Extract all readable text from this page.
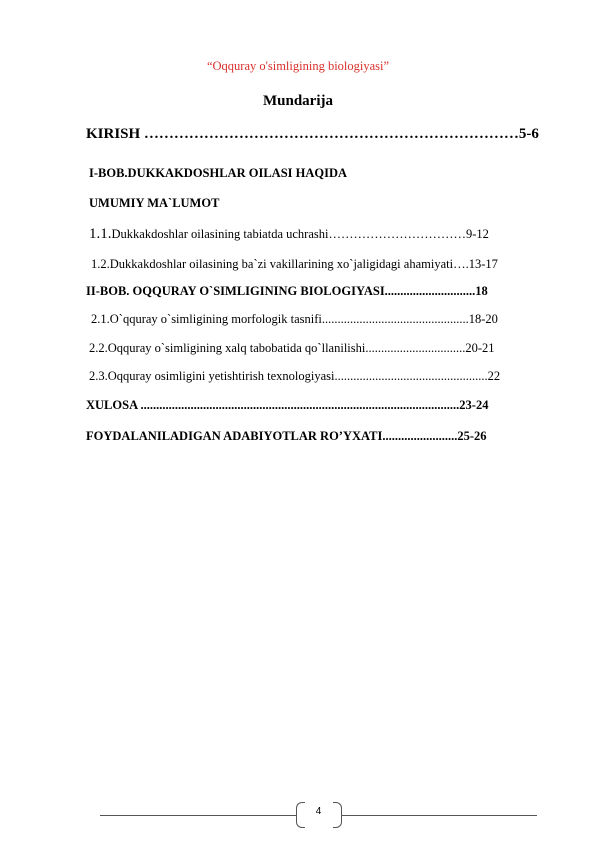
“Oqquray o'simligining biologiyasi”
Mundarija
KIRISH …………………………………………………………………5-6
I-BOB.DUKKAKDOSHLAR OILASI HAQIDA
UMUMIY MA`LUMOT
1.1.Dukkakdoshlar oilasining tabiatda uchrashi……………………………9-12
1.2.Dukkakdoshlar oilasining ba`zi vakillarining xo`jaligidagi ahamiyati….13-17
II-BOB. OQQURAY O`SIMLIGINING BIOLOGIYASI.............................18
2.1.O`qquray o`simligining morfologik tasnifi...............................................18-20
2.2.Oqquray o`simligining xalq tabobatida qo`llanilishi................................20-21
2.3.Oqquray osimligini yetishtirish texnologiyasi.................................................22
XULOSA ......................................................................................................23-24
FOYDALANILADIGAN ADABIYOTLAR RO’YXATI........................25-26
4
